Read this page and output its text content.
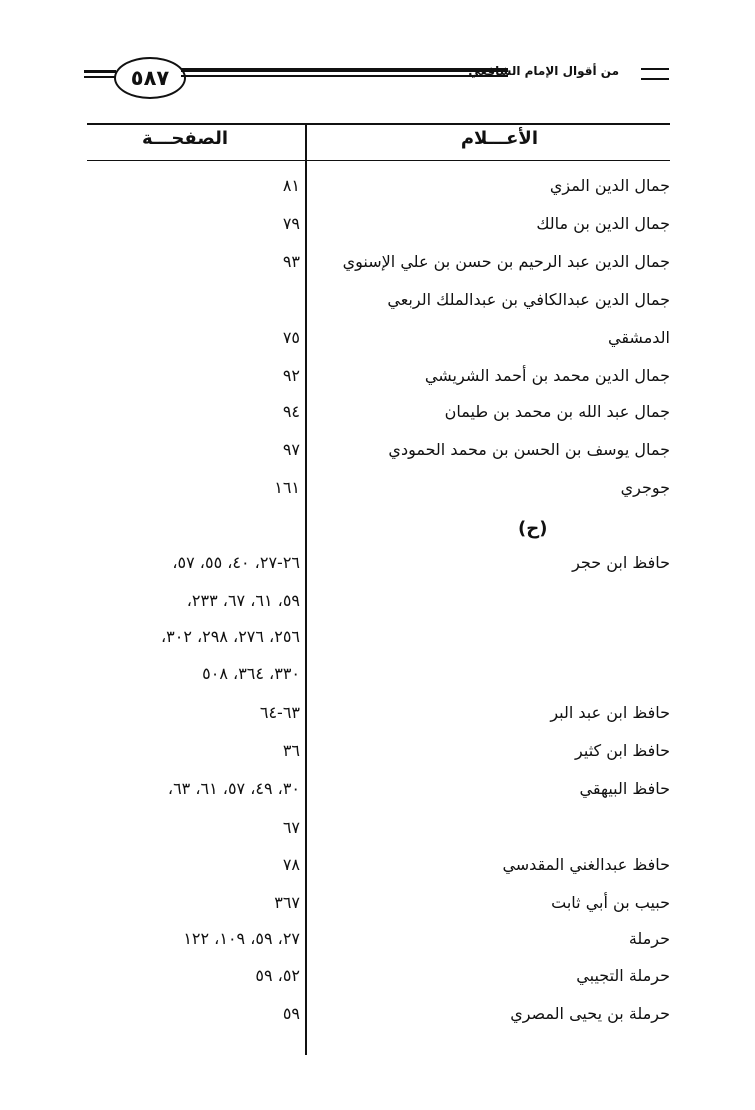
٥٨٧	من أقوال الإمام الشافعي
الأعـــلام
الصفحـــة
(ح)
جمال الدين المزي
٨١
جمال الدين بن مالك
٧٩
جمال الدين عبد الرحيم بن حسن بن علي الإسنوي
٩٣
جمال الدين عبدالكافي بن عبدالملك الربعي
الدمشقي
٧٥
جمال الدين محمد بن أحمد الشريشي
٩٢
جمال عبد الله بن محمد بن طيمان
٩٤
جمال يوسف بن الحسن بن محمد الحمودي
٩٧
جوجري
١٦١
حافظ ابن حجر
٢٦-٢٧، ٤٠، ٥٥، ٥٧،
٥٩، ٦١، ٦٧، ٢٣٣،
٢٥٦، ٢٧٦، ٢٩٨، ٣٠٢،
٣٣٠، ٣٦٤، ٥٠٨
حافظ ابن عبد البر
٦٣-٦٤
حافظ ابن كثير
٣٦
حافظ البيهقي
٣٠، ٤٩، ٥٧، ٦١، ٦٣،
٦٧
حافظ عبدالغني المقدسي
٧٨
حبيب بن أبي ثابت
٣٦٧
حرملة
٢٧، ٥٩، ١٠٩، ١٢٢
حرملة التجيبي
٥٢، ٥٩
حرملة بن يحيى المصري
٥٩
